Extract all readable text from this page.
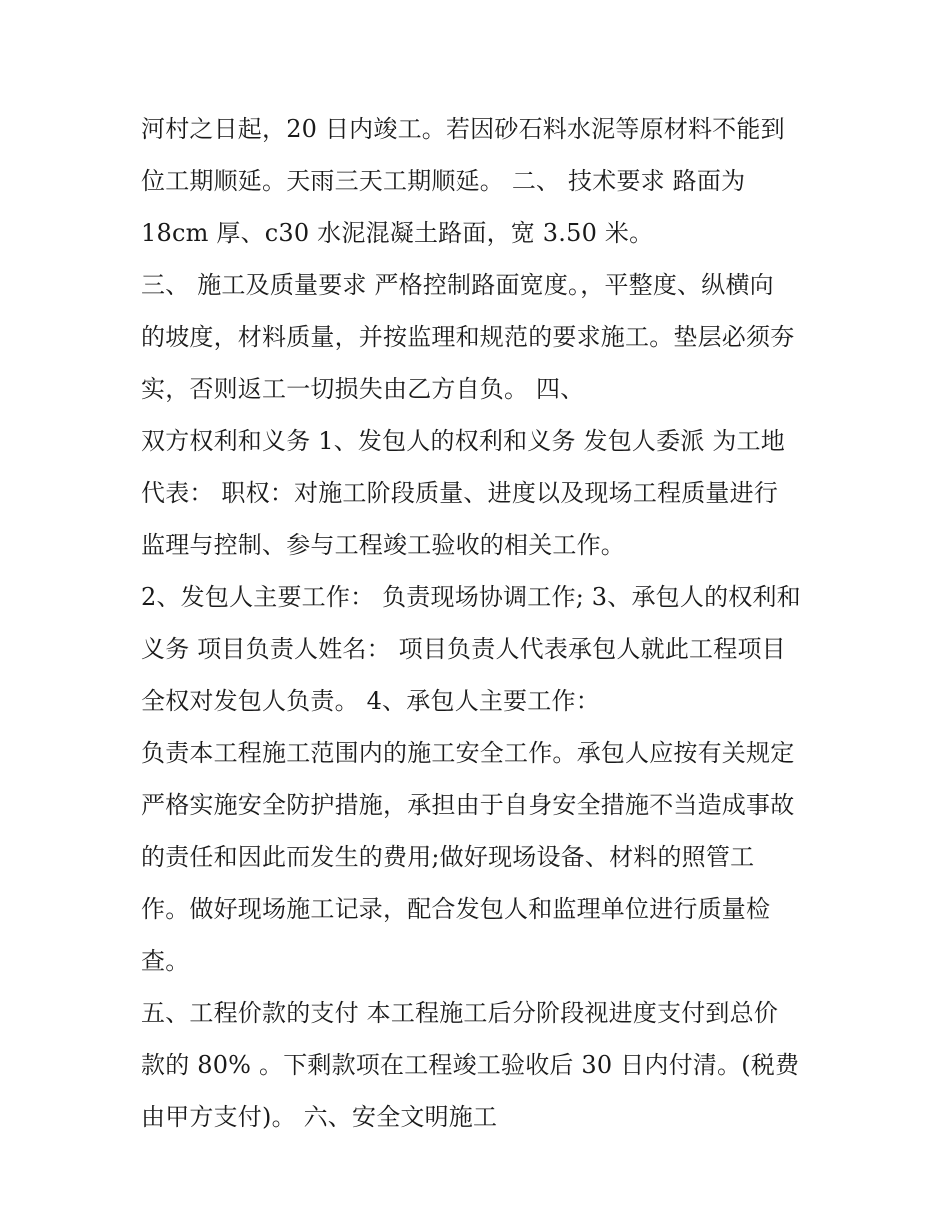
河村之日起，20 日内竣工。若因砂石料水泥等原材料不能到
位工期顺延。天雨三天工期顺延。 二、 技术要求 路面为
18cm 厚、c30 水泥混凝土路面，宽 3.50 米。
三、 施工及质量要求 严格控制路面宽度。，平整度、纵横向
的坡度，材料质量，并按监理和规范的要求施工。垫层必须夯
实，否则返工一切损失由乙方自负。 四、
双方权利和义务 1、发包人的权利和义务 发包人委派 为工地
代表： 职权：对施工阶段质量、进度以及现场工程质量进行
监理与控制、参与工程竣工验收的相关工作。
2、发包人主要工作： 负责现场协调工作; 3、承包人的权利和
义务 项目负责人姓名： 项目负责人代表承包人就此工程项目
全权对发包人负责。 4、承包人主要工作：
负责本工程施工范围内的施工安全工作。承包人应按有关规定
严格实施安全防护措施，承担由于自身安全措施不当造成事故
的责任和因此而发生的费用;做好现场设备、材料的照管工
作。做好现场施工记录，配合发包人和监理单位进行质量检
查。
五、工程价款的支付 本工程施工后分阶段视进度支付到总价
款的 80% 。下剩款项在工程竣工验收后 30 日内付清。(税费
由甲方支付)。 六、安全文明施工
